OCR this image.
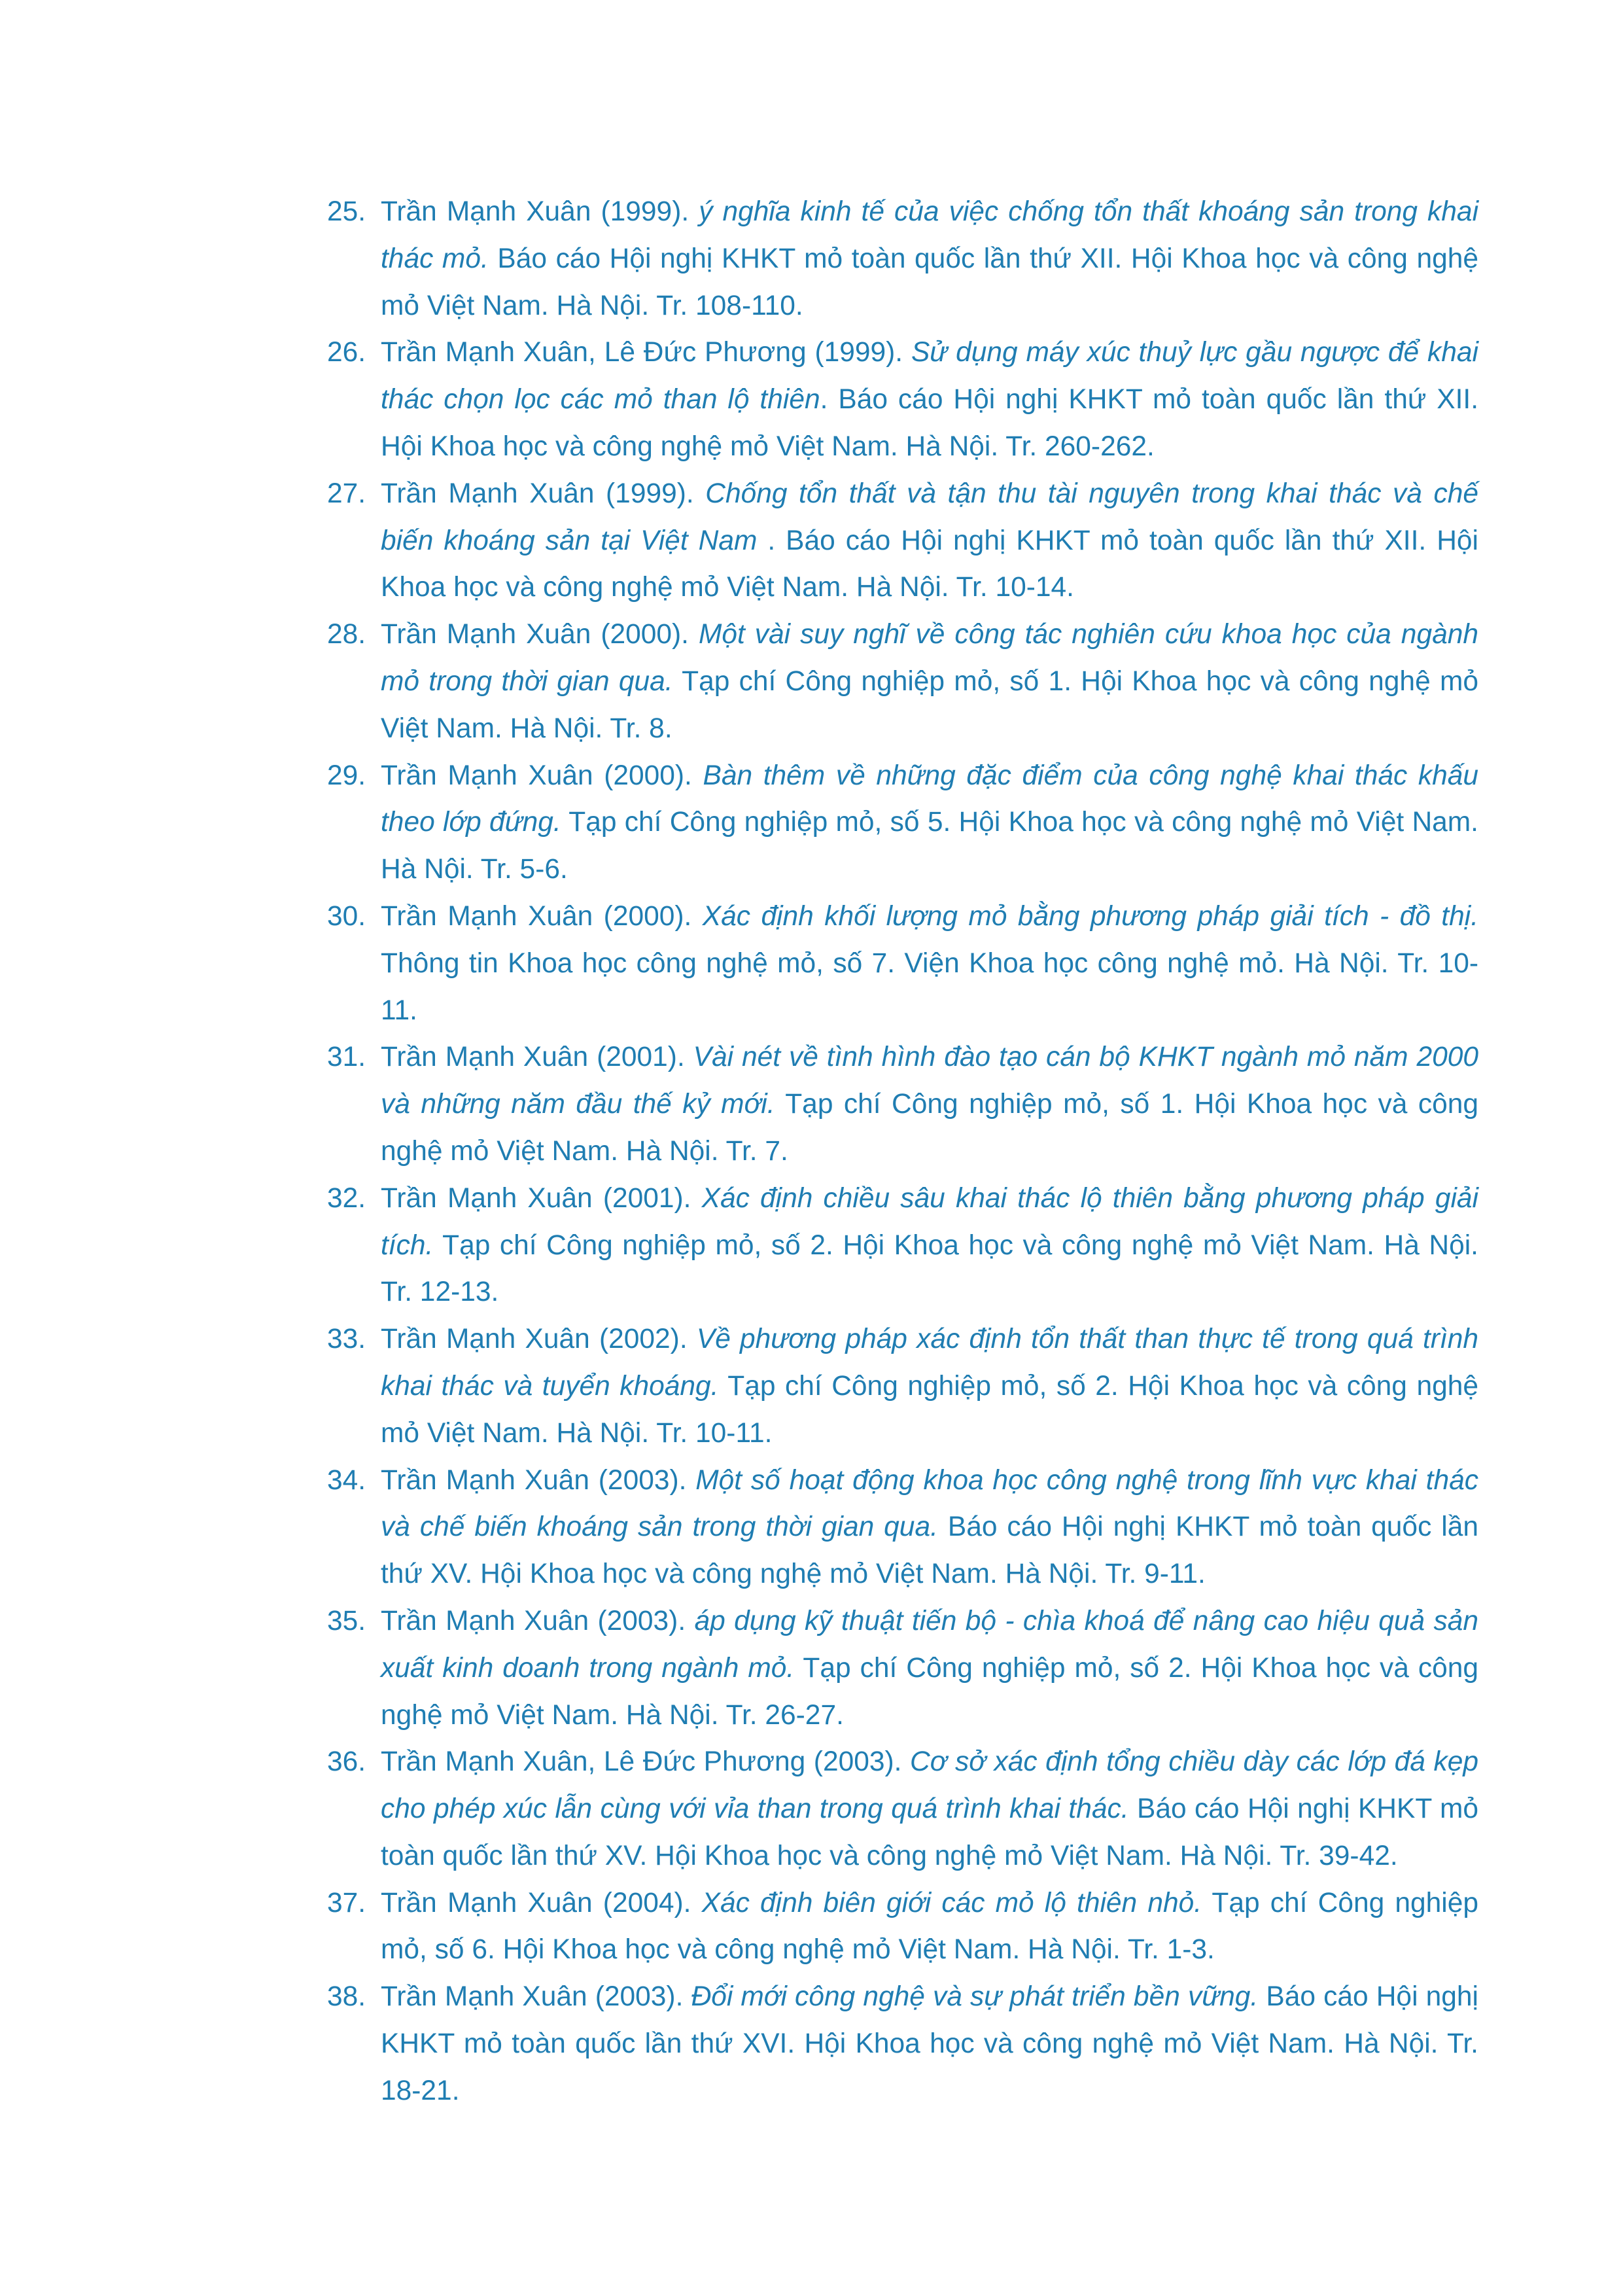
25. Trần Mạnh Xuân (1999). ý nghĩa kinh tế của việc chống tổn thất khoáng sản trong khai thác mỏ. Báo cáo Hội nghị KHKT mỏ toàn quốc lần thứ XII. Hội Khoa học và công nghệ mỏ Việt Nam. Hà Nội. Tr. 108-110.
26. Trần Mạnh Xuân, Lê Đức Phương (1999). Sử dụng máy xúc thuỷ lực gầu ngược để khai thác chọn lọc các mỏ than lộ thiên. Báo cáo Hội nghị KHKT mỏ toàn quốc lần thứ XII. Hội Khoa học và công nghệ mỏ Việt Nam. Hà Nội. Tr. 260-262.
27. Trần Mạnh Xuân (1999). Chống tổn thất và tận thu tài nguyên trong khai thác và chế biến khoáng sản tại Việt Nam . Báo cáo Hội nghị KHKT mỏ toàn quốc lần thứ XII. Hội Khoa học và công nghệ mỏ Việt Nam. Hà Nội. Tr. 10-14.
28. Trần Mạnh Xuân (2000). Một vài suy nghĩ về công tác nghiên cứu khoa học của ngành mỏ trong thời gian qua. Tạp chí Công nghiệp mỏ, số 1. Hội Khoa học và công nghệ mỏ Việt Nam. Hà Nội. Tr. 8.
29. Trần Mạnh Xuân (2000). Bàn thêm về những đặc điểm của công nghệ khai thác khấu theo lớp đứng. Tạp chí Công nghiệp mỏ, số 5. Hội Khoa học và công nghệ mỏ Việt Nam. Hà Nội. Tr. 5-6.
30. Trần Mạnh Xuân (2000). Xác định khối lượng mỏ bằng phương pháp giải tích - đồ thị. Thông tin Khoa học công nghệ mỏ, số 7. Viện Khoa học công nghệ mỏ. Hà Nội. Tr. 10-11.
31. Trần Mạnh Xuân (2001). Vài nét về tình hình đào tạo cán bộ KHKT ngành mỏ năm 2000 và những năm đầu thế kỷ mới. Tạp chí Công nghiệp mỏ, số 1. Hội Khoa học và công nghệ mỏ Việt Nam. Hà Nội. Tr. 7.
32. Trần Mạnh Xuân (2001). Xác định chiều sâu khai thác lộ thiên bằng phương pháp giải tích. Tạp chí Công nghiệp mỏ, số 2. Hội Khoa học và công nghệ mỏ Việt Nam. Hà Nội. Tr. 12-13.
33. Trần Mạnh Xuân (2002). Về phương pháp xác định tổn thất than thực tế trong quá trình khai thác và tuyển khoáng. Tạp chí Công nghiệp mỏ, số 2. Hội Khoa học và công nghệ mỏ Việt Nam. Hà Nội. Tr. 10-11.
34. Trần Mạnh Xuân (2003). Một số hoạt động khoa học công nghệ trong lĩnh vực khai thác và chế biến khoáng sản trong thời gian qua. Báo cáo Hội nghị KHKT mỏ toàn quốc lần thứ XV. Hội Khoa học và công nghệ mỏ Việt Nam. Hà Nội. Tr. 9-11.
35. Trần Mạnh Xuân (2003). áp dụng kỹ thuật tiến bộ - chìa khoá để nâng cao hiệu quả sản xuất kinh doanh trong ngành mỏ. Tạp chí Công nghiệp mỏ, số 2. Hội Khoa học và công nghệ mỏ Việt Nam. Hà Nội. Tr. 26-27.
36. Trần Mạnh Xuân, Lê Đức Phương (2003). Cơ sở xác định tổng chiều dày các lớp đá kẹp cho phép xúc lẫn cùng với vỉa than trong quá trình khai thác. Báo cáo Hội nghị KHKT mỏ toàn quốc lần thứ XV. Hội Khoa học và công nghệ mỏ Việt Nam. Hà Nội. Tr. 39-42.
37. Trần Mạnh Xuân (2004). Xác định biên giới các mỏ lộ thiên nhỏ. Tạp chí Công nghiệp mỏ, số 6. Hội Khoa học và công nghệ mỏ Việt Nam. Hà Nội. Tr. 1-3.
38. Trần Mạnh Xuân (2003). Đổi mới công nghệ và sự phát triển bền vững. Báo cáo Hội nghị KHKT mỏ toàn quốc lần thứ XVI. Hội Khoa học và công nghệ mỏ Việt Nam. Hà Nội. Tr. 18-21.
